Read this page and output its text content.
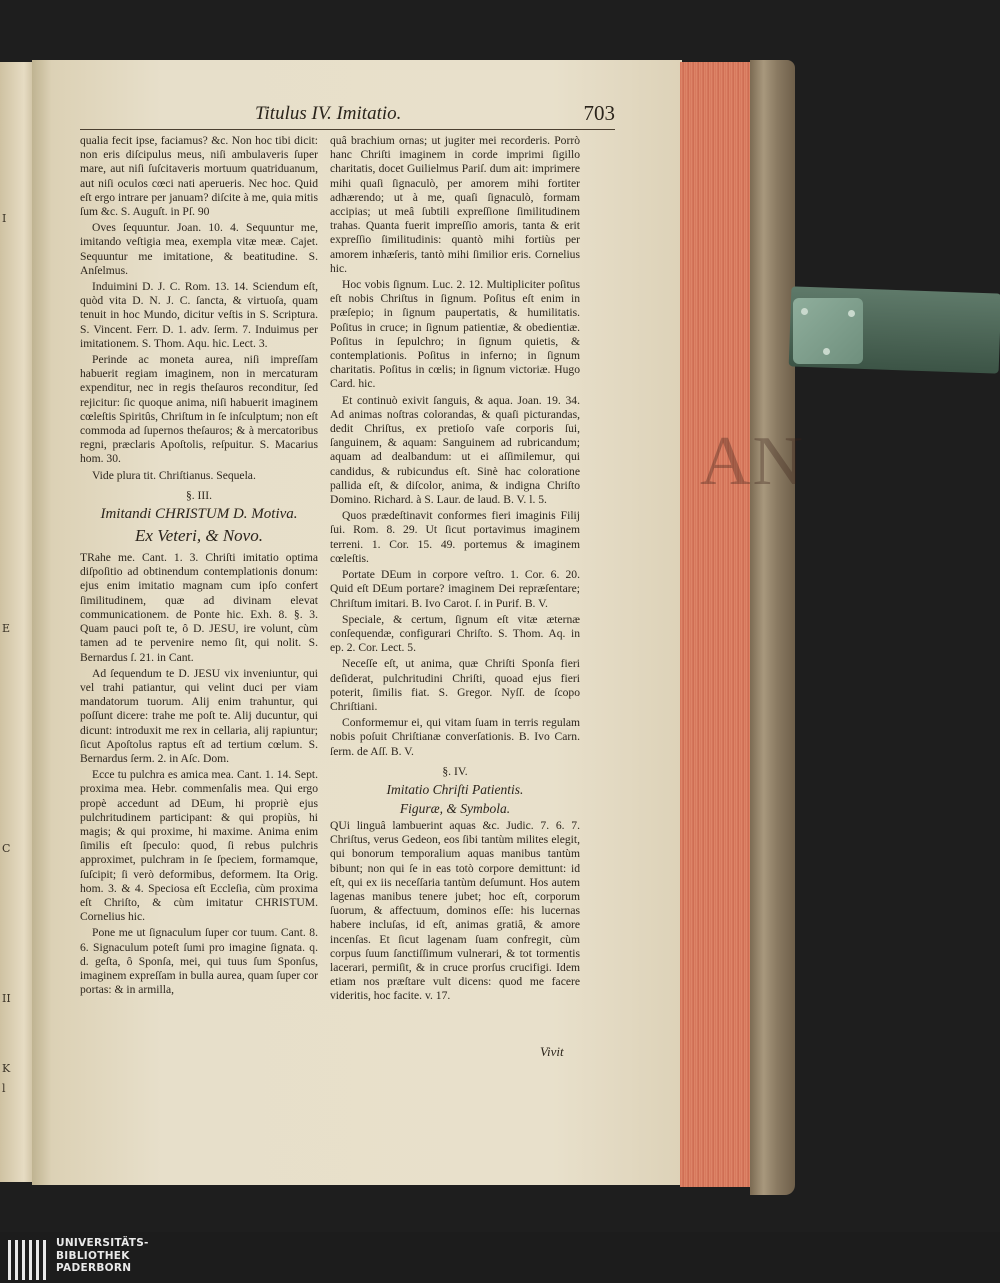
I
E
C
II
K
l
AN
Titulus IV. Imitatio.	703

qualia fecit ipse, faciamus? &c. Non hoc tibi dicit: non eris diſcipulus meus, niſi ambulaveris ſuper mare, aut niſi ſuſcitaveris mortuum quatriduanum, aut niſi oculos cœci nati aperueris. Nec hoc. Quid eſt ergo intrare per januam? diſcite à me, quia mitis ſum &c. S. Auguſt. in Pſ. 90

Oves ſequuntur. Joan. 10. 4. Sequuntur me, imitando veſtigia mea, exempla vitæ meæ. Cajet. Sequuntur me imitatione, & beatitudine. S. Anſelmus.

Induimini D. J. C. Rom. 13. 14. Sciendum eſt, quòd vita D. N. J. C. ſancta, & virtuoſa, quam tenuit in hoc Mundo, dicitur veſtis in S. Scriptura. S. Vincent. Ferr. D. 1. adv. ſerm. 7. Induimus per imitationem. S. Thom. Aqu. hic. Lect. 3.

Perinde ac moneta aurea, niſi impreſſam habuerit regiam imaginem, non in mercaturam expenditur, nec in regis theſauros reconditur, ſed rejicitur: ſic quoque anima, niſi habuerit imaginem cœleſtis Spiritûs, Chriſtum in ſe inſculptum; non eſt commoda ad ſupernos theſauros; & à mercatoribus regni, præclaris Apoſtolis, reſpuitur. S. Macarius hom. 30.

Vide plura tit. Chriſtianus. Sequela.

§. III.

Imitandi CHRISTUM D. Motiva.

Ex Veteri, & Novo.

TRahe me. Cant. 1. 3. Chriſti imitatio optima diſpoſitio ad obtinendum contemplationis donum: ejus enim imitatio magnam cum ipſo confert ſimilitudinem, quæ ad divinam elevat communicationem. de Ponte hic. Exh. 8. §. 3. Quam pauci poſt te, ô D. JESU, ire volunt, cùm tamen ad te pervenire nemo ſit, qui nolit. S. Bernardus ſ. 21. in Cant.

Ad ſequendum te D. JESU vix inveniuntur, qui vel trahi patiantur, qui velint duci per viam mandatorum tuorum. Alij enim trahuntur, qui poſſunt dicere: trahe me poſt te. Alij ducuntur, qui dicunt: introduxit me rex in cellaria, alij rapiuntur; ſicut Apoſtolus raptus eſt ad tertium cœlum. S. Bernardus ſerm. 2. in Aſc. Dom.

Ecce tu pulchra es amica mea. Cant. 1. 14. Sept. proxima mea. Hebr. commenſalis mea. Qui ergo propè accedunt ad DEum, hi propriè ejus pulchritudinem participant: & qui propiùs, hi magis; & qui proxime, hi maxime. Anima enim ſimilis eſt ſpeculo: quod, ſi rebus pulchris approximet, pulchram in ſe ſpeciem, formamque, ſuſcipit; ſi verò deformibus, deformem. Ita Orig. hom. 3. & 4. Speciosa eſt Eccleſia, cùm proxima eſt Chriſto, & cùm imitatur CHRISTUM. Cornelius hic.

Pone me ut ſignaculum ſuper cor tuum. Cant. 8. 6. Signaculum poteſt ſumi pro imagine ſignata. q. d. geſta, ô Sponſa, mei, qui tuus ſum Sponſus, imaginem expreſſam in bulla aurea, quam ſuper cor portas: & in armilla,

quâ brachium ornas; ut jugiter mei recorderis. Porrò hanc Chriſti imaginem in corde imprimi ſigillo charitatis, docet Guilielmus Pariſ. dum ait: imprimere mihi quaſi ſignaculò, per amorem mihi fortiter adhærendo; ut à me, quaſi ſignaculò, formam accipias; ut meâ ſubtili expreſſione ſimilitudinem trahas. Quanta fuerit impreſſio amoris, tanta & erit expreſſio ſimilitudinis: quantò mihi fortiùs per amorem inhæſeris, tantò mihi ſimilior eris. Cornelius hic.

Hoc vobis ſignum. Luc. 2. 12. Multipliciter poſitus eſt nobis Chriſtus in ſignum. Poſitus eſt enim in præſepio; in ſignum paupertatis, & humilitatis. Poſitus in cruce; in ſignum patientiæ, & obedientiæ. Poſitus in ſepulchro; in ſignum quietis, & contemplationis. Poſitus in inferno; in ſignum charitatis. Poſitus in cœlis; in ſignum victoriæ. Hugo Card. hic.

Et continuò exivit ſanguis, & aqua. Joan. 19. 34. Ad animas noſtras colorandas, & quaſi picturandas, dedit Chriſtus, ex pretioſo vaſe corporis ſui, ſanguinem, & aquam: Sanguinem ad rubricandum; aquam ad dealbandum: ut ei aſſimilemur, qui candidus, & rubicundus eſt. Sinè hac coloratione pallida eſt, & diſcolor, anima, & indigna Chriſto Domino. Richard. à S. Laur. de laud. B. V. l. 5.

Quos prædeſtinavit conformes fieri imaginis Filij ſui. Rom. 8. 29. Ut ſicut portavimus imaginem terreni. 1. Cor. 15. 49. portemus & imaginem cœleſtis.

Portate DEum in corpore veſtro. 1. Cor. 6. 20. Quid eſt DEum portare? imaginem Dei repræſentare; Chriſtum imitari. B. Ivo Carot. ſ. in Purif. B. V.

Speciale, & certum, ſignum eſt vitæ æternæ conſequendæ, configurari Chriſto. S. Thom. Aq. in ep. 2. Cor. Lect. 5.

Neceſſe eſt, ut anima, quæ Chriſti Sponſa fieri deſiderat, pulchritudini Chriſti, quoad ejus fieri poterit, ſimilis fiat. S. Gregor. Nyſſ. de ſcopo Chriſtiani.

Conformemur ei, qui vitam ſuam in terris regulam nobis poſuit Chriſtianæ converſationis. B. Ivo Carn. ſerm. de Aſſ. B. V.

§. IV.

Imitatio Chriſti Patientis.

Figuræ, & Symbola.

QUi linguâ lambuerint aquas &c. Judic. 7. 6. 7. Chriſtus, verus Gedeon, eos ſibi tantùm milites elegit, qui bonorum temporalium aquas manibus tantùm bibunt; non qui ſe in eas totò corpore demittunt: id eſt, qui ex iis neceſſaria tantùm deſumunt. Hos autem lagenas manibus tenere jubet; hoc eſt, corporum ſuorum, & affectuum, dominos eſſe: his lucernas habere incluſas, id eſt, animas gratiâ, & amore incenſas. Et ſicut lagenam ſuam confregit, cùm corpus ſuum ſanctiſſimum vulnerari, & tot tormentis lacerari, permiſit, & in cruce prorſus crucifigi. Idem etiam nos præſtare vult dicens: quod me facere videritis, hoc facite. v. 17.

Vivit
UNIVERSITÄTS-
BIBLIOTHEK
PADERBORN
